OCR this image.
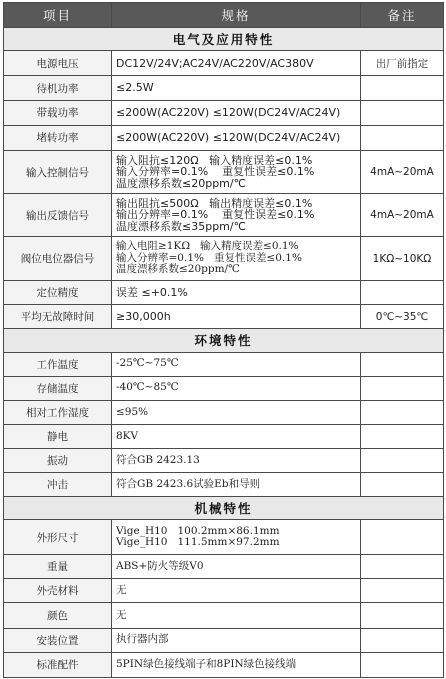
项目	规格	备注
电气及应用特性		
电源电压	DC12V/24V;AC24V/AC220V/AC380V	出厂前指定
待机功率	≤2.5W	

带载功率	≤200W(AC220V) ≤120W(DC24V/AC24V)	

堵转功率	≤200W(AC220V) ≤120W(DC24V/AC24V)	

输入控制信号	输入阻抗≤120Ω   输入精度误差≤0.1%
输入分辨率=0.1%    重复性误差≤0.1%
温度漂移系数≤20ppm/℃	4mA~20mA
输出反馈信号	输出阻抗≤500Ω   输出精度误差≤0.1%
输出分辨率=0.1%    重复性误差≤0.1%
温度漂移系数≤35ppm/℃	4mA~20mA
阀位电位器信号	输入电阻≥1KΩ   输入精度误差≤0.1%
输入分辨率=0.1%   重复性误差≤0.1%
温度漂移系数≤20ppm/℃	1KΩ~10KΩ
定位精度	误差 ≤+0.1%	

平均无故障时间	≥30,000h	0℃~35℃
环境特性		
工作温度	-25℃~75℃	

存储温度	-40℃~85℃	

相对工作湿度	≤95%	

静电	8KV	

振动	符合GB 2423.13	

冲击	符合GB 2423.6试验Eb和导则	

机械特性		
外形尺寸	Vige_H10   100.2mm×86.1mm
Vige_H10   111.5mm×97.2mm	

重量	ABS+防火等级V0	

外壳材料	无	

颜色	无	

安装位置	执行器内部	

标准配件	5PIN绿色接线端子和8PIN绿色接线端	
